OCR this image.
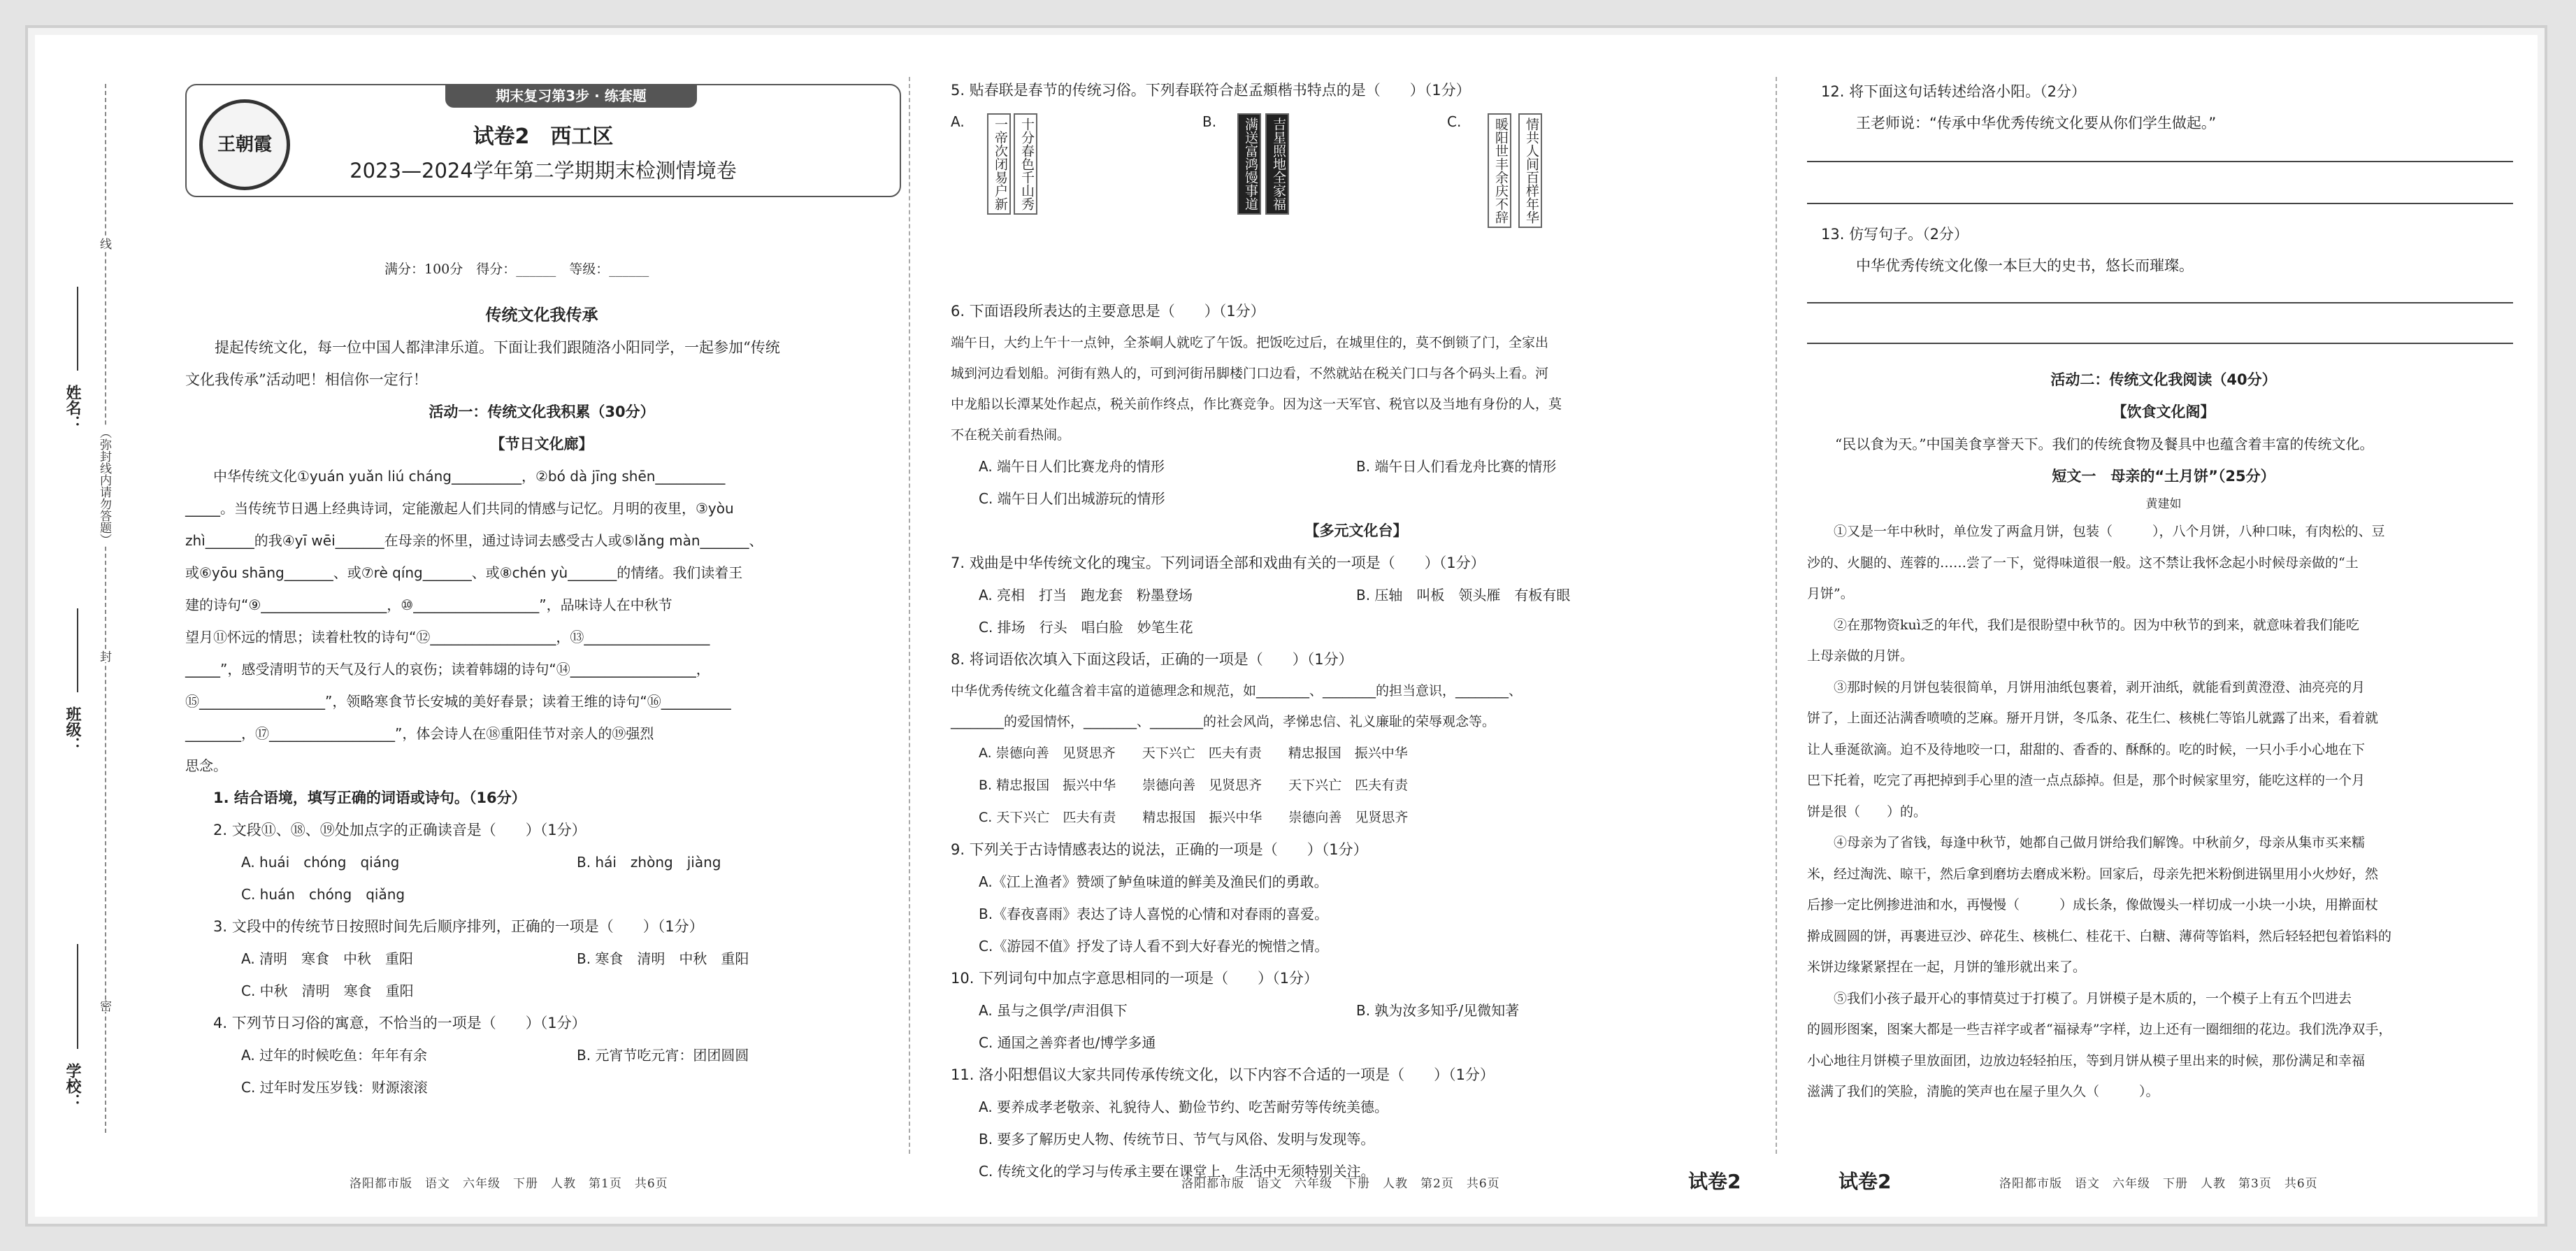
姓名：
班级：
学校：
线
（弥封线内请勿答题）
封
密
王朝霞
期末复习第3步 · 练套题
试卷2　西工区
2023—2024学年第二学期期末检测情境卷
满分：100分　得分：______　等级：______
传统文化我传承
提起传统文化，每一位中国人都津津乐道。下面让我们跟随洛小阳同学，一起参加“传统
文化我传承”活动吧！相信你一定行！
活动一：传统文化我积累（30分）
【节日文化廊】
中华传统文化①yuán yuǎn liú cháng__________，②bó dà jīng shēn__________
_____。当传统节日遇上经典诗词，定能激起人们共同的情感与记忆。月明的夜里，③yòu
zhì_______的我④yī wēi_______在母亲的怀里，通过诗词去感受古人或⑤lǎng màn_______、
或⑥yōu shāng_______、或⑦rè qíng_______、或⑧chén yù_______的情绪。我们读着王
建的诗句“⑨__________________，⑩__________________”，品味诗人在中秋节
望月⑪怀远的情思；读着杜牧的诗句“⑫__________________，⑬__________________
_____”，感受清明节的天气及行人的哀伤；读着韩翃的诗句“⑭__________________，
⑮__________________”，领略寒食节长安城的美好春景；读着王维的诗句“⑯__________
________，⑰__________________”，体会诗人在⑱重阳佳节对亲人的⑲强烈
思念。
1. 结合语境，填写正确的词语或诗句。（16分）
2. 文段⑪、⑱、⑲处加点字的正确读音是（　　）（1分）
A. huái　chóng　qiáng	B. hái　zhòng　jiàng
C. huán　chóng　qiǎng
3. 文段中的传统节日按照时间先后顺序排列，正确的一项是（　　）（1分）
A. 清明　寒食　中秋　重阳	B. 寒食　清明　中秋　重阳
C. 中秋　清明　寒食　重阳
4. 下列节日习俗的寓意，不恰当的一项是（　　）（1分）
A. 过年的时候吃鱼：年年有余	B. 元宵节吃元宵：团团圆圆
C. 过年时发压岁钱：财源滚滚
洛阳都市版　语文　六年级　下册　人教　第1页　共6页
5. 贴春联是春节的传统习俗。下列春联符合赵孟頫楷书特点的是（　　）（1分）
A.	一帝次闭易户新 十分春色千山秀	B.	满送富鸿馒事道 吉星照地全家福	C.	暖阳世丰余庆不辞	情共人间百样年华
6. 下面语段所表达的主要意思是（　　）（1分）
端午日，大约上午十一点钟，全茶峒人就吃了午饭。把饭吃过后，在城里住的，莫不倒锁了门，全家出
城到河边看划船。河街有熟人的，可到河街吊脚楼门口边看，不然就站在税关门口与各个码头上看。河
中龙船以长潭某处作起点，税关前作终点，作比赛竞争。因为这一天军官、税官以及当地有身份的人，莫
不在税关前看热闹。
A. 端午日人们比赛龙舟的情形	B. 端午日人们看龙舟比赛的情形
C. 端午日人们出城游玩的情形
【多元文化台】
7. 戏曲是中华传统文化的瑰宝。下列词语全部和戏曲有关的一项是（　　）（1分）
A. 亮相　打当　跑龙套　粉墨登场	B. 压轴　叫板　领头雁　有板有眼
C. 排场　行头　唱白脸　妙笔生花
8. 将词语依次填入下面这段话，正确的一项是（　　）（1分）
中华优秀传统文化蕴含着丰富的道德理念和规范，如________、________的担当意识，________、
________的爱国情怀，________、________的社会风尚，孝悌忠信、礼义廉耻的荣辱观念等。
A. 崇德向善　见贤思齐　　天下兴亡　匹夫有责　　精忠报国　振兴中华
B. 精忠报国　振兴中华　　崇德向善　见贤思齐　　天下兴亡　匹夫有责
C. 天下兴亡　匹夫有责　　精忠报国　振兴中华　　崇德向善　见贤思齐
9. 下列关于古诗情感表达的说法，正确的一项是（　　）（1分）
A.《江上渔者》赞颂了鲈鱼味道的鲜美及渔民们的勇敢。
B.《春夜喜雨》表达了诗人喜悦的心情和对春雨的喜爱。
C.《游园不值》抒发了诗人看不到大好春光的惋惜之情。
10. 下列词句中加点字意思相同的一项是（　　）（1分）
A. 虽与之俱学/声泪俱下	B. 孰为汝多知乎/见微知著
C. 通国之善弈者也/博学多通
11. 洛小阳想倡议大家共同传承传统文化，以下内容不合适的一项是（　　）（1分）
A. 要养成孝老敬亲、礼貌待人、勤俭节约、吃苦耐劳等传统美德。
B. 要多了解历史人物、传统节日、节气与风俗、发明与发现等。
C. 传统文化的学习与传承主要在课堂上，生活中无须特别关注。
洛阳都市版　语文　六年级　下册　人教　第2页　共6页	试卷2
12. 将下面这句话转述给洛小阳。（2分）
王老师说：“传承中华优秀传统文化要从你们学生做起。”
13. 仿写句子。（2分）
中华优秀传统文化像一本巨大的史书，悠长而璀璨。
活动二：传统文化我阅读（40分）
【饮食文化阁】
“民以食为天。”中国美食享誉天下。我们的传统食物及餐具中也蕴含着丰富的传统文化。
短文一　母亲的“土月饼”（25分）
黄建如
①又是一年中秋时，单位发了两盒月饼，包装（　　　），八个月饼，八种口味，有肉松的、豆
沙的、火腿的、莲蓉的……尝了一下，觉得味道很一般。这不禁让我怀念起小时候母亲做的“土
月饼”。
②在那物资kuì乏的年代，我们是很盼望中秋节的。因为中秋节的到来，就意味着我们能吃
上母亲做的月饼。
③那时候的月饼包装很简单，月饼用油纸包裹着，剥开油纸，就能看到黄澄澄、油亮亮的月
饼了，上面还沾满香喷喷的芝麻。掰开月饼，冬瓜条、花生仁、核桃仁等馅儿就露了出来，看着就
让人垂涎欲滴。迫不及待地咬一口，甜甜的、香香的、酥酥的。吃的时候，一只小手小心地在下
巴下托着，吃完了再把掉到手心里的渣一点点舔掉。但是，那个时候家里穷，能吃这样的一个月
饼是很（　　）的。
④母亲为了省钱，每逢中秋节，她都自己做月饼给我们解馋。中秋前夕，母亲从集市买来糯
米，经过淘洗、晾干，然后拿到磨坊去磨成米粉。回家后，母亲先把米粉倒进锅里用小火炒好，然
后掺一定比例掺进油和水，再慢慢（　　　）成长条，像做馒头一样切成一小块一小块，用擀面杖
擀成圆圆的饼，再裹进豆沙、碎花生、核桃仁、桂花干、白糖、薄荷等馅料，然后轻轻把包着馅料的
米饼边缘紧紧捏在一起，月饼的雏形就出来了。
⑤我们小孩子最开心的事情莫过于打模了。月饼模子是木质的，一个模子上有五个凹进去
的圆形图案，图案大都是一些吉祥字或者“福禄寿”字样，边上还有一圈细细的花边。我们洗净双手，
小心地往月饼模子里放面团，边放边轻轻拍压，等到月饼从模子里出来的时候，那份满足和幸福
滋满了我们的笑脸，清脆的笑声也在屋子里久久（　　　）。
试卷2	洛阳都市版　语文　六年级　下册　人教　第3页　共6页
